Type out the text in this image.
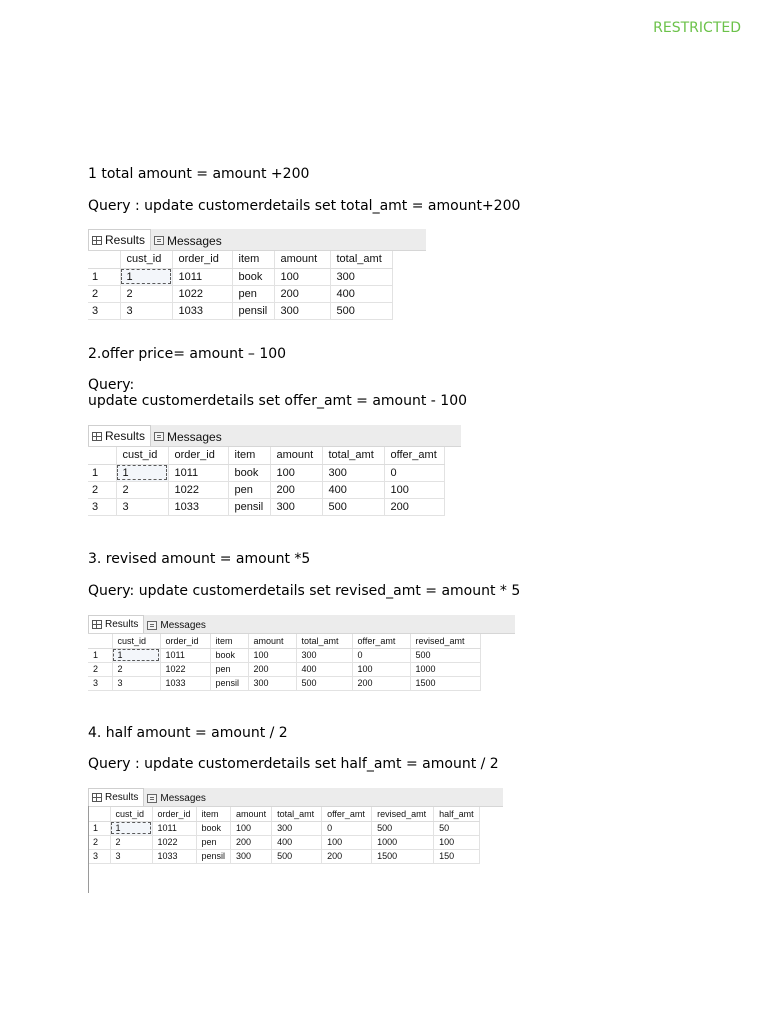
RESTRICTED
1 total amount = amount +200
Query : update customerdetails set total_amt = amount+200
Results Messages
	cust_id	order_id	item	amount	total_amt
1	1	1011	book	100	300
2	2	1022	pen	200	400
3	3	1033	pensil	300	500
2.offer price= amount – 100
Query:
update customerdetails set offer_amt = amount - 100
Results Messages
	cust_id	order_id	item	amount	total_amt	offer_amt
1	1	1011	book	100	300	0
2	2	1022	pen	200	400	100
3	3	1033	pensil	300	500	200
3. revised amount = amount *5
Query: update customerdetails set revised_amt = amount * 5
Results Messages
	cust_id	order_id	item	amount	total_amt	offer_amt	revised_amt
1	1	1011	book	100	300	0	500
2	2	1022	pen	200	400	100	1000
3	3	1033	pensil	300	500	200	1500
4. half amount = amount / 2
Query : update customerdetails set half_amt = amount / 2
Results Messages
	cust_id	order_id	item	amount	total_amt	offer_amt	revised_amt	half_amt
1	1	1011	book	100	300	0	500	50
2	2	1022	pen	200	400	100	1000	100
3	3	1033	pensil	300	500	200	1500	150
